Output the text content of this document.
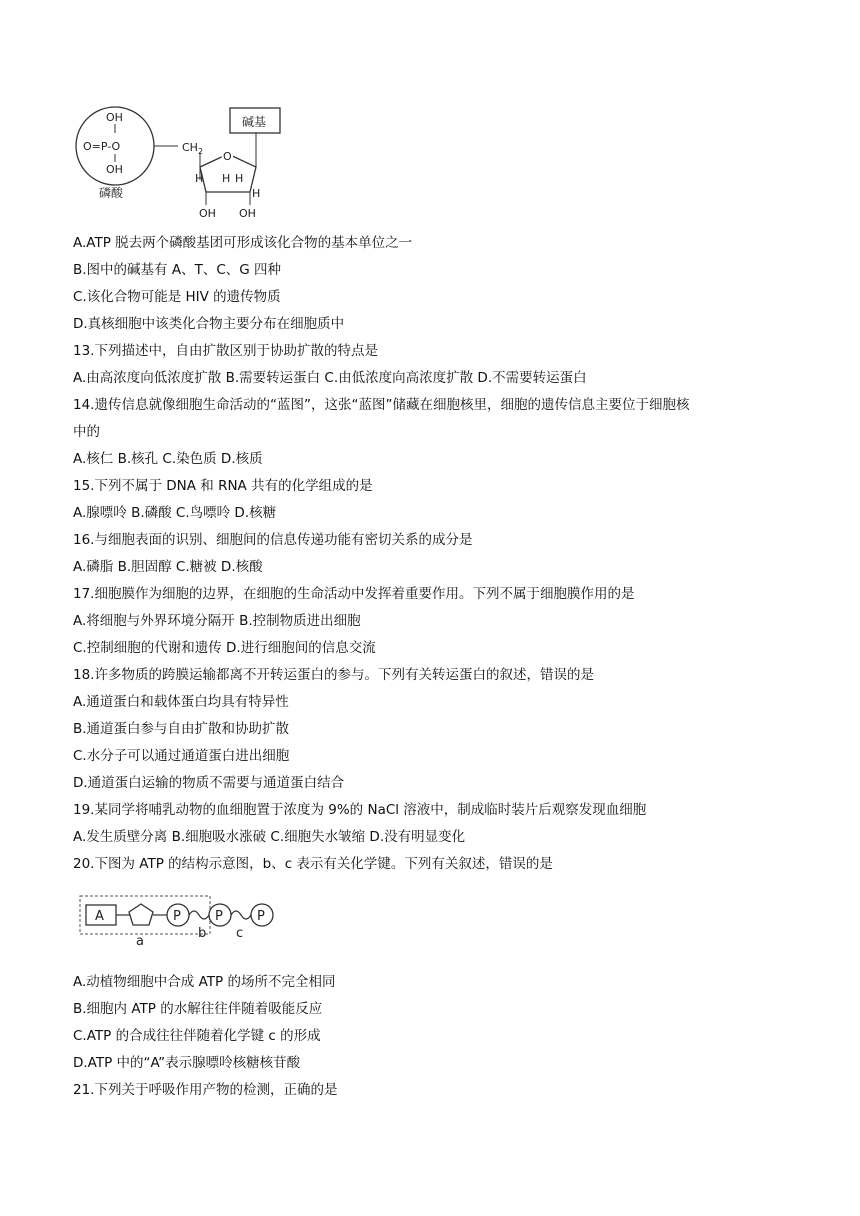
OH
O=P-O
OH
磷酸
$CH_2$ O
碱基
H H H
H
OH OH
A.ATP 脱去两个磷酸基团可形成该化合物的基本单位之一
B.图中的碱基有 A、T、C、G 四种
C.该化合物可能是 HIV 的遗传物质
D.真核细胞中该类化合物主要分布在细胞质中
13.下列描述中，自由扩散区别于协助扩散的特点是
A.由高浓度向低浓度扩散 B.需要转运蛋白 C.由低浓度向高浓度扩散 D.不需要转运蛋白
14.遗传信息就像细胞生命活动的“蓝图”，这张“蓝图”储藏在细胞核里，细胞的遗传信息主要位于细胞核
中的
A.核仁 B.核孔 C.染色质 D.核质
15.下列不属于 DNA 和 RNA 共有的化学组成的是
A.腺嘌呤 B.磷酸 C.鸟嘌呤 D.核糖
16.与细胞表面的识别、细胞间的信息传递功能有密切关系的成分是
A.磷脂 B.胆固醇 C.糖被 D.核酸
17.细胞膜作为细胞的边界，在细胞的生命活动中发挥着重要作用。下列不属于细胞膜作用的是
A.将细胞与外界环境分隔开 B.控制物质进出细胞
C.控制细胞的代谢和遗传 D.进行细胞间的信息交流
18.许多物质的跨膜运输都离不开转运蛋白的参与。下列有关转运蛋白的叙述，错误的是
A.通道蛋白和载体蛋白均具有特异性
B.通道蛋白参与自由扩散和协助扩散
C.水分子可以通过通道蛋白进出细胞
D.通道蛋白运输的物质不需要与通道蛋白结合
19.某同学将哺乳动物的血细胞置于浓度为 9%的 NaCl 溶液中，制成临时装片后观察发现血细胞
A.发生质壁分离 B.细胞吸水涨破 C.细胞失水皱缩 D.没有明显变化
20.下图为 ATP 的结构示意图，b、c 表示有关化学键。下列有关叙述，错误的是
A	P	P	P
a
b c
A.动植物细胞中合成 ATP 的场所不完全相同
B.细胞内 ATP 的水解往往伴随着吸能反应
C.ATP 的合成往往伴随着化学键 c 的形成
D.ATP 中的“A”表示腺嘌呤核糖核苷酸
21.下列关于呼吸作用产物的检测，正确的是
